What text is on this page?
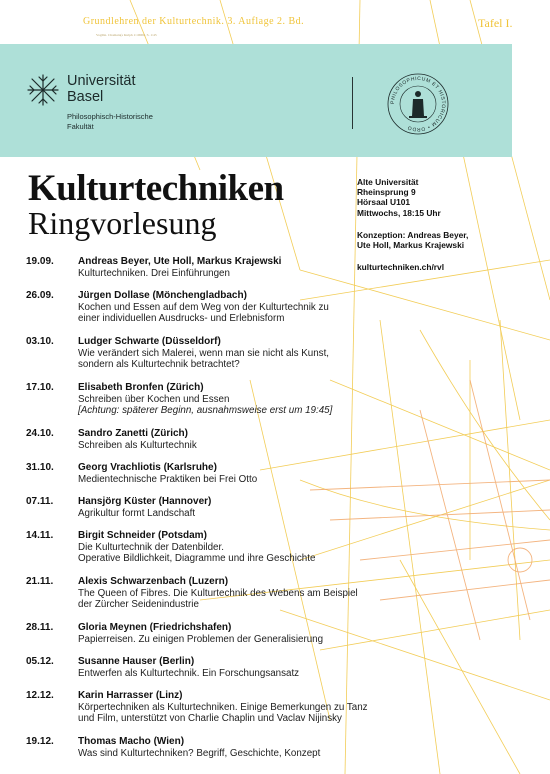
Grundlehren der Kulturtechnik. 3. Auflage 2. Bd.
Vogtlin. Chamata(s Kulph 1:10000, S. 1/45
Tafel I.
Universität
Basel
Philosophisch-Historische
Fakultät
PHILOSOPHICUM ET HISTORICUM • ORDO
Kulturtechniken
Ringvorlesung
Alte Universität
Rheinsprung 9
Hörsaal U101
Mittwochs, 18:15 Uhr
Konzeption: Andreas Beyer,
Ute Holl, Markus Krajewski
kulturtechniken.ch/rvl
19.09. Andreas Beyer, Ute Holl, Markus Krajewski
Kulturtechniken. Drei Einführungen
26.09. Jürgen Dollase (Mönchengladbach)
Kochen und Essen auf dem Weg von der Kulturtechnik zu
einer individuellen Ausdrucks- und Erlebnisform
03.10. Ludger Schwarte (Düsseldorf)
Wie verändert sich Malerei, wenn man sie nicht als Kunst,
sondern als Kulturtechnik betrachtet?
17.10. Elisabeth Bronfen (Zürich)
Schreiben über Kochen und Essen
[Achtung: späterer Beginn, ausnahmsweise erst um 19:45]
24.10. Sandro Zanetti (Zürich)
Schreiben als Kulturtechnik
31.10. Georg Vrachliotis (Karlsruhe)
Medientechnische Praktiken bei Frei Otto
07.11. Hansjörg Küster (Hannover)
Agrikultur formt Landschaft
14.11. Birgit Schneider (Potsdam)
Die Kulturtechnik der Datenbilder.
Operative Bildlichkeit, Diagramme und ihre Geschichte
21.11. Alexis Schwarzenbach (Luzern)
The Queen of Fibres. Die Kulturtechnik des Webens am Beispiel
der Zürcher Seidenindustrie
28.11. Gloria Meynen (Friedrichshafen)
Papierreisen. Zu einigen Problemen der Generalisierung
05.12. Susanne Hauser (Berlin)
Entwerfen als Kulturtechnik. Ein Forschungsansatz
12.12. Karin Harrasser (Linz)
Körpertechniken als Kulturtechniken. Einige Bemerkungen zu Tanz
und Film, unterstützt von Charlie Chaplin und Vaclav Nijinsky
19.12. Thomas Macho (Wien)
Was sind Kulturtechniken? Begriff, Geschichte, Konzept
